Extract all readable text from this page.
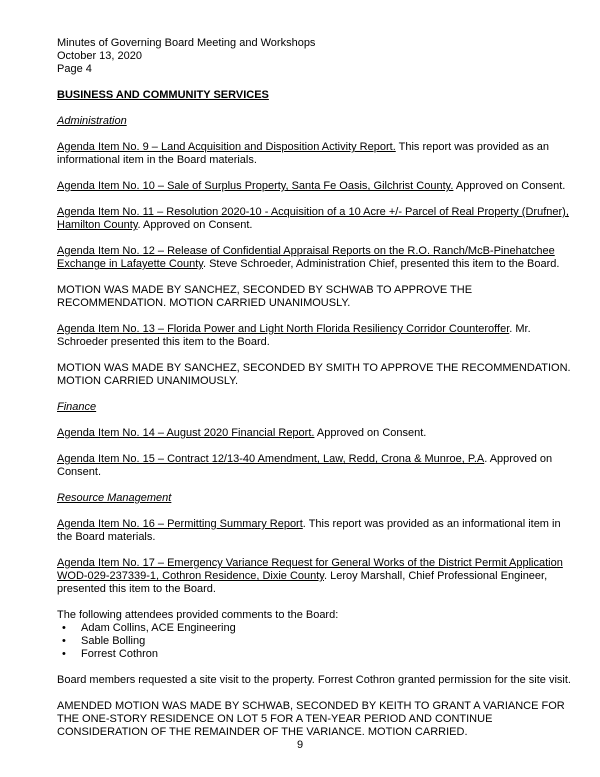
Minutes of Governing Board Meeting and Workshops
October 13, 2020
Page 4

BUSINESS AND COMMUNITY SERVICES

Administration

Agenda Item No. 9 – Land Acquisition and Disposition Activity Report. This report was provided as an informational item in the Board materials.

Agenda Item No. 10 – Sale of Surplus Property, Santa Fe Oasis, Gilchrist County. Approved on Consent.

Agenda Item No. 11 – Resolution 2020-10 - Acquisition of a 10 Acre +/- Parcel of Real Property (Drufner), Hamilton County. Approved on Consent.

Agenda Item No. 12 – Release of Confidential Appraisal Reports on the R.O. Ranch/McB-Pinehatchee Exchange in Lafayette County. Steve Schroeder, Administration Chief, presented this item to the Board.

MOTION WAS MADE BY SANCHEZ, SECONDED BY SCHWAB TO APPROVE THE RECOMMENDATION. MOTION CARRIED UNANIMOUSLY.

Agenda Item No. 13 – Florida Power and Light North Florida Resiliency Corridor Counteroffer. Mr. Schroeder presented this item to the Board.

MOTION WAS MADE BY SANCHEZ, SECONDED BY SMITH TO APPROVE THE RECOMMENDATION. MOTION CARRIED UNANIMOUSLY.

Finance

Agenda Item No. 14 – August 2020 Financial Report. Approved on Consent.

Agenda Item No. 15 – Contract 12/13-40 Amendment, Law, Redd, Crona & Munroe, P.A. Approved on Consent.

Resource Management

Agenda Item No. 16 – Permitting Summary Report. This report was provided as an informational item in the Board materials.

Agenda Item No. 17 – Emergency Variance Request for General Works of the District Permit Application WOD-029-237339-1, Cothron Residence, Dixie County. Leroy Marshall, Chief Professional Engineer, presented this item to the Board.

The following attendees provided comments to the Board:

• Adam Collins, ACE Engineering
• Sable Bolling
• Forrest Cothron

Board members requested a site visit to the property. Forrest Cothron granted permission for the site visit.

AMENDED MOTION WAS MADE BY SCHWAB, SECONDED BY KEITH TO GRANT A VARIANCE FOR THE ONE-STORY RESIDENCE ON LOT 5 FOR A TEN-YEAR PERIOD AND CONTINUE CONSIDERATION OF THE REMAINDER OF THE VARIANCE. MOTION CARRIED.

9
